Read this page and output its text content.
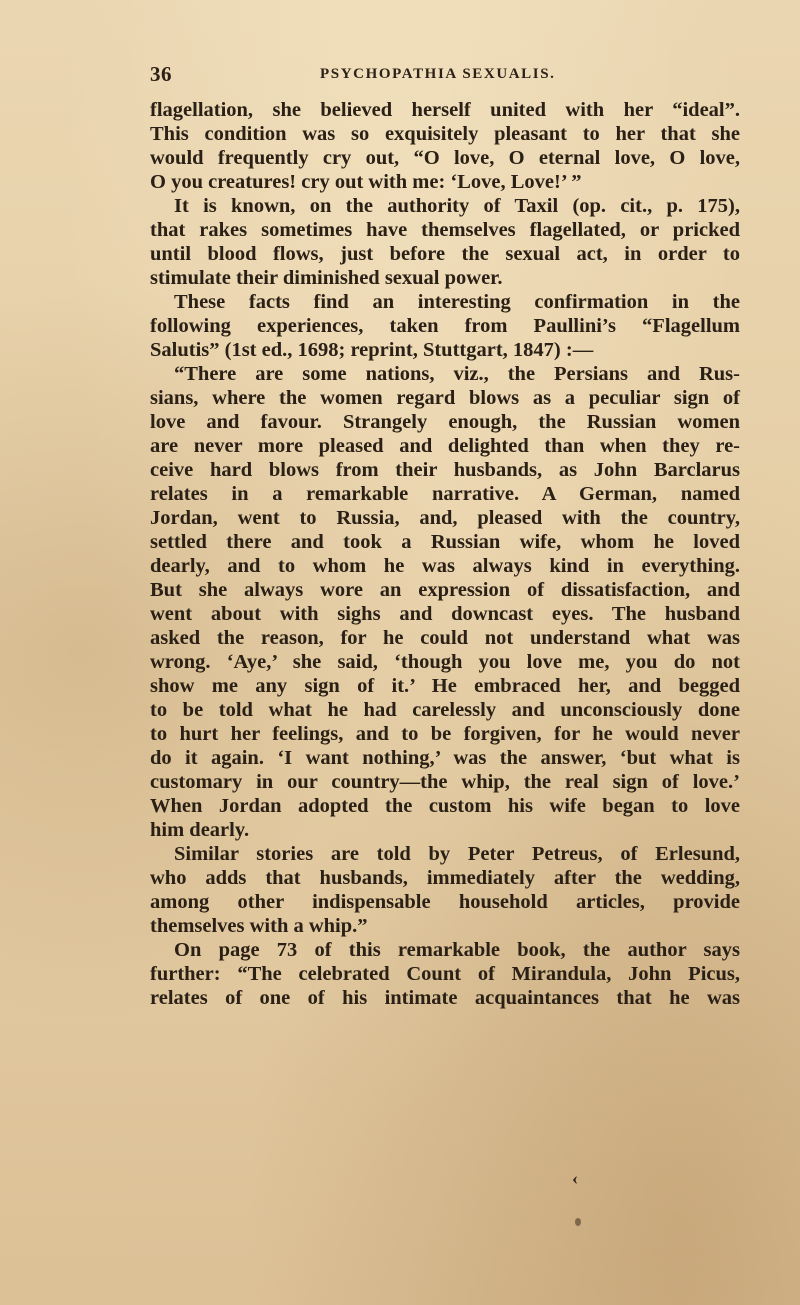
36	PSYCHOPATHIA SEXUALIS.
flagellation, she believed herself united with her “ideal”.
This condition was so exquisitely pleasant to her that she
would frequently cry out, “O love, O eternal love, O love,
O you creatures! cry out with me: ‘Love, Love!’ ”
It is known, on the authority of Taxil (op. cit., p. 175),
that rakes sometimes have themselves flagellated, or pricked
until blood flows, just before the sexual act, in order to
stimulate their diminished sexual power.
These facts find an interesting confirmation in the
following experiences, taken from Paullini’s “Flagellum
Salutis” (1st ed., 1698; reprint, Stuttgart, 1847) :—
“There are some nations, viz., the Persians and Rus-
sians, where the women regard blows as a peculiar sign of
love and favour. Strangely enough, the Russian women
are never more pleased and delighted than when they re-
ceive hard blows from their husbands, as John Barclarus
relates in a remarkable narrative. A German, named
Jordan, went to Russia, and, pleased with the country,
settled there and took a Russian wife, whom he loved
dearly, and to whom he was always kind in everything.
But she always wore an expression of dissatisfaction, and
went about with sighs and downcast eyes. The husband
asked the reason, for he could not understand what was
wrong. ‘Aye,’ she said, ‘though you love me, you do not
show me any sign of it.’ He embraced her, and begged
to be told what he had carelessly and unconsciously done
to hurt her feelings, and to be forgiven, for he would never
do it again. ‘I want nothing,’ was the answer, ‘but what is
customary in our country—the whip, the real sign of love.’
When Jordan adopted the custom his wife began to love
him dearly.
Similar stories are told by Peter Petreus, of Erlesund,
who adds that husbands, immediately after the wedding,
among other indispensable household articles, provide
themselves with a whip.”
On page 73 of this remarkable book, the author says
further: “The celebrated Count of Mirandula, John Picus,
relates of one of his intimate acquaintances that he was
‹
